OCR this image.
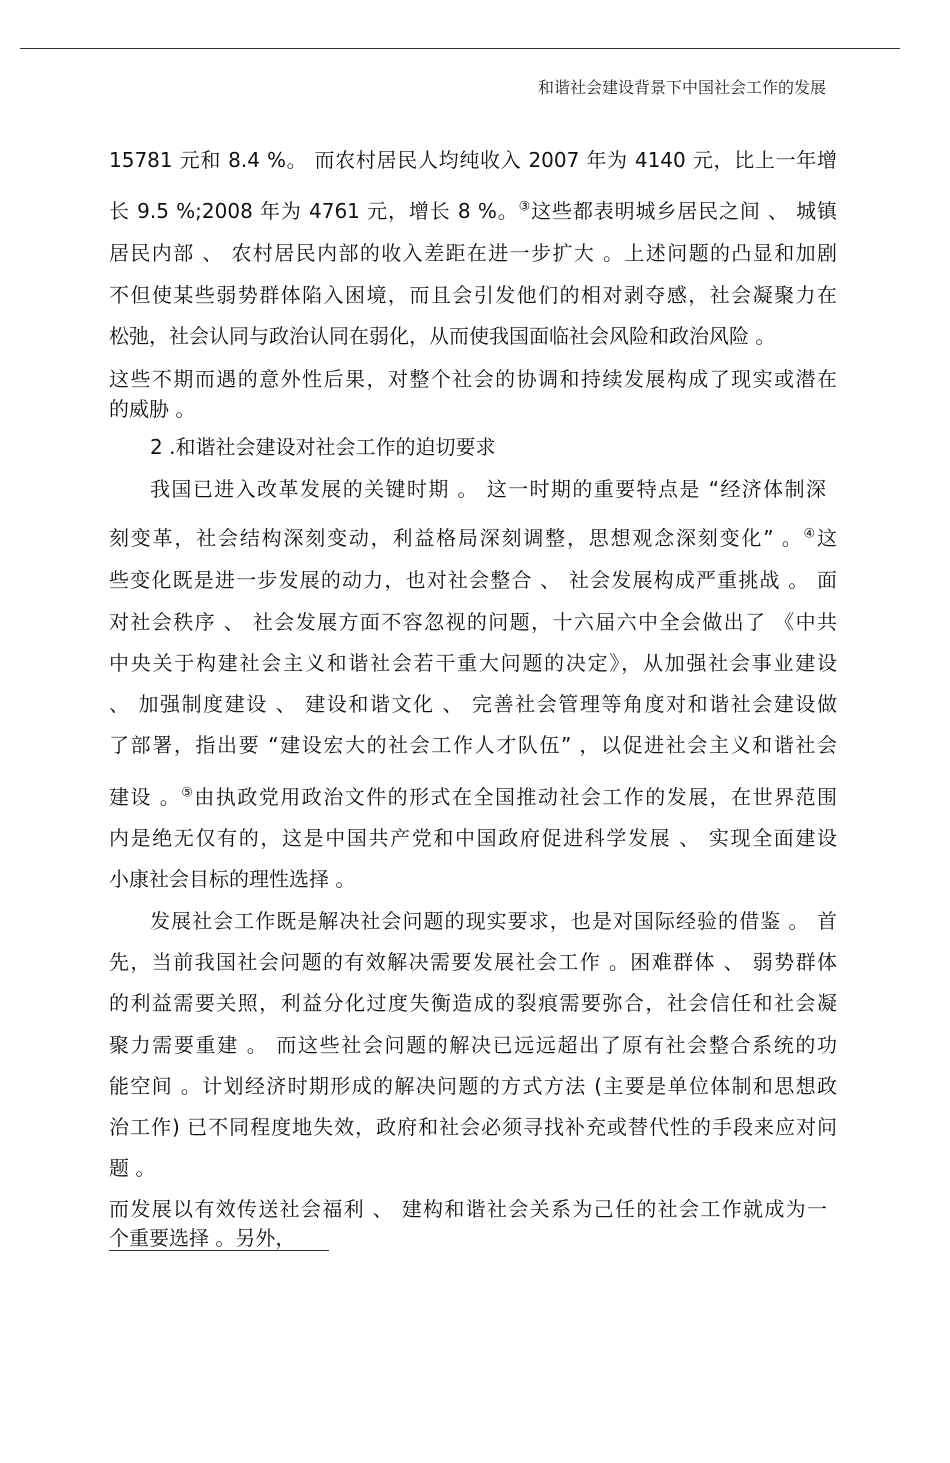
和谐社会建设背景下中国社会工作的发展
15781 元和 8.4 %。 而农村居民人均纯收入 2007 年为 4140 元，比上一年增
长 9.5 %;2008 年为 4761 元，增长 8 %。③这些都表明城乡居民之间 、 城镇
居民内部 、 农村居民内部的收入差距在进一步扩大 。上述问题的凸显和加剧
不但使某些弱势群体陷入困境，而且会引发他们的相对剥夺感，社会凝聚力在
松弛，社会认同与政治认同在弱化，从而使我国面临社会风险和政治风险 。
这些不期而遇的意外性后果，对整个社会的协调和持续发展构成了现实或潜在
的威胁 。
2 .和谐社会建设对社会工作的迫切要求
我国已进入改革发展的关键时期 。 这一时期的重要特点是 “经济体制深
刻变革，社会结构深刻变动，利益格局深刻调整，思想观念深刻变化” 。④这
些变化既是进一步发展的动力，也对社会整合 、 社会发展构成严重挑战 。 面
对社会秩序 、 社会发展方面不容忽视的问题，十六届六中全会做出了 《中共
中央关于构建社会主义和谐社会若干重大问题的决定》，从加强社会事业建设
、 加强制度建设 、 建设和谐文化 、 完善社会管理等角度对和谐社会建设做
了部署，指出要 “建设宏大的社会工作人才队伍” ，以促进社会主义和谐社会
建设 。⑤由执政党用政治文件的形式在全国推动社会工作的发展，在世界范围
内是绝无仅有的，这是中国共产党和中国政府促进科学发展 、 实现全面建设
小康社会目标的理性选择 。
发展社会工作既是解决社会问题的现实要求，也是对国际经验的借鉴 。 首
先，当前我国社会问题的有效解决需要发展社会工作 。困难群体 、 弱势群体
的利益需要关照，利益分化过度失衡造成的裂痕需要弥合，社会信任和社会凝
聚力需要重建 。 而这些社会问题的解决已远远超出了原有社会整合系统的功
能空间 。计划经济时期形成的解决问题的方式方法 (主要是单位体制和思想政
治工作) 已不同程度地失效，政府和社会必须寻找补充或替代性的手段来应对问
题 。
而发展以有效传送社会福利 、 建构和谐社会关系为己任的社会工作就成为一
个重要选择 。另外，
